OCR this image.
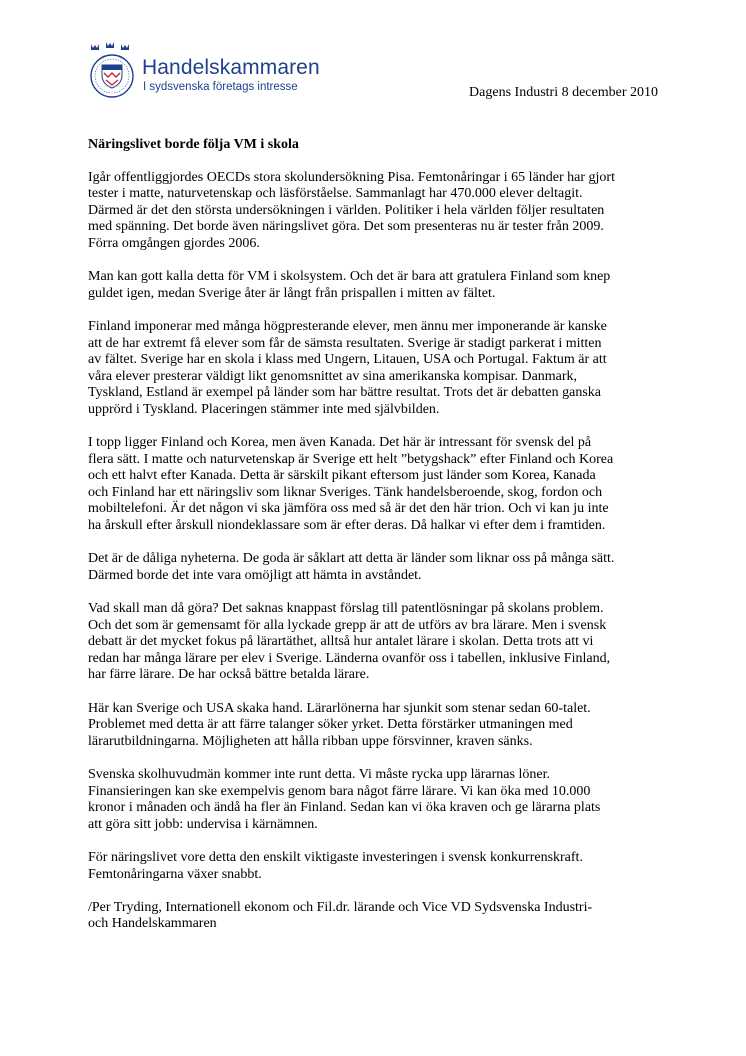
Handelskammaren
I sydsvenska företags intresse	Dagens Industri 8 december 2010
Näringslivet borde följa VM i skola

Igår offentliggjordes OECDs stora skolundersökning Pisa. Femtonåringar i 65 länder har gjort
tester i matte, naturvetenskap och läsförståelse. Sammanlagt har 470.000 elever deltagit.
Därmed är det den största undersökningen i världen. Politiker i hela världen följer resultaten
med spänning. Det borde även näringslivet göra. Det som presenteras nu är tester från 2009.
Förra omgången gjordes 2006.

Man kan gott kalla detta för VM i skolsystem. Och det är bara att gratulera Finland som knep
guldet igen, medan Sverige åter är långt från prispallen i mitten av fältet.

Finland imponerar med många högpresterande elever, men ännu mer imponerande är kanske
att de har extremt få elever som får de sämsta resultaten. Sverige är stadigt parkerat i mitten
av fältet. Sverige har en skola i klass med Ungern, Litauen, USA och Portugal. Faktum är att
våra elever presterar väldigt likt genomsnittet av sina amerikanska kompisar. Danmark,
Tyskland, Estland är exempel på länder som har bättre resultat. Trots det är debatten ganska
upprörd i Tyskland. Placeringen stämmer inte med självbilden.

I topp ligger Finland och Korea, men även Kanada. Det här är intressant för svensk del på
flera sätt. I matte och naturvetenskap är Sverige ett helt ”betygshack” efter Finland och Korea
och ett halvt efter Kanada. Detta är särskilt pikant eftersom just länder som Korea, Kanada
och Finland har ett näringsliv som liknar Sveriges. Tänk handelsberoende, skog, fordon och
mobiltelefoni. Är det någon vi ska jämföra oss med så är det den här trion. Och vi kan ju inte
ha årskull efter årskull niondeklassare som är efter deras. Då halkar vi efter dem i framtiden.

Det är de dåliga nyheterna. De goda är såklart att detta är länder som liknar oss på många sätt.
Därmed borde det inte vara omöjligt att hämta in avståndet.

Vad skall man då göra? Det saknas knappast förslag till patentlösningar på skolans problem.
Och det som är gemensamt för alla lyckade grepp är att de utförs av bra lärare. Men i svensk
debatt är det mycket fokus på lärartäthet, alltså hur antalet lärare i skolan. Detta trots att vi
redan har många lärare per elev i Sverige. Länderna ovanför oss i tabellen, inklusive Finland,
har färre lärare. De har också bättre betalda lärare.

Här kan Sverige och USA skaka hand. Lärarlönerna har sjunkit som stenar sedan 60-talet.
Problemet med detta är att färre talanger söker yrket. Detta förstärker utmaningen med
lärarutbildningarna. Möjligheten att hålla ribban uppe försvinner, kraven sänks.

Svenska skolhuvudmän kommer inte runt detta. Vi måste rycka upp lärarnas löner.
Finansieringen kan ske exempelvis genom bara något färre lärare. Vi kan öka med 10.000
kronor i månaden och ändå ha fler än Finland. Sedan kan vi öka kraven och ge lärarna plats
att göra sitt jobb: undervisa i kärnämnen.

För näringslivet vore detta den enskilt viktigaste investeringen i svensk konkurrenskraft.
Femtonåringarna växer snabbt.

/Per Tryding, Internationell ekonom och Fil.dr. lärande och Vice VD Sydsvenska Industri-
och Handelskammaren
